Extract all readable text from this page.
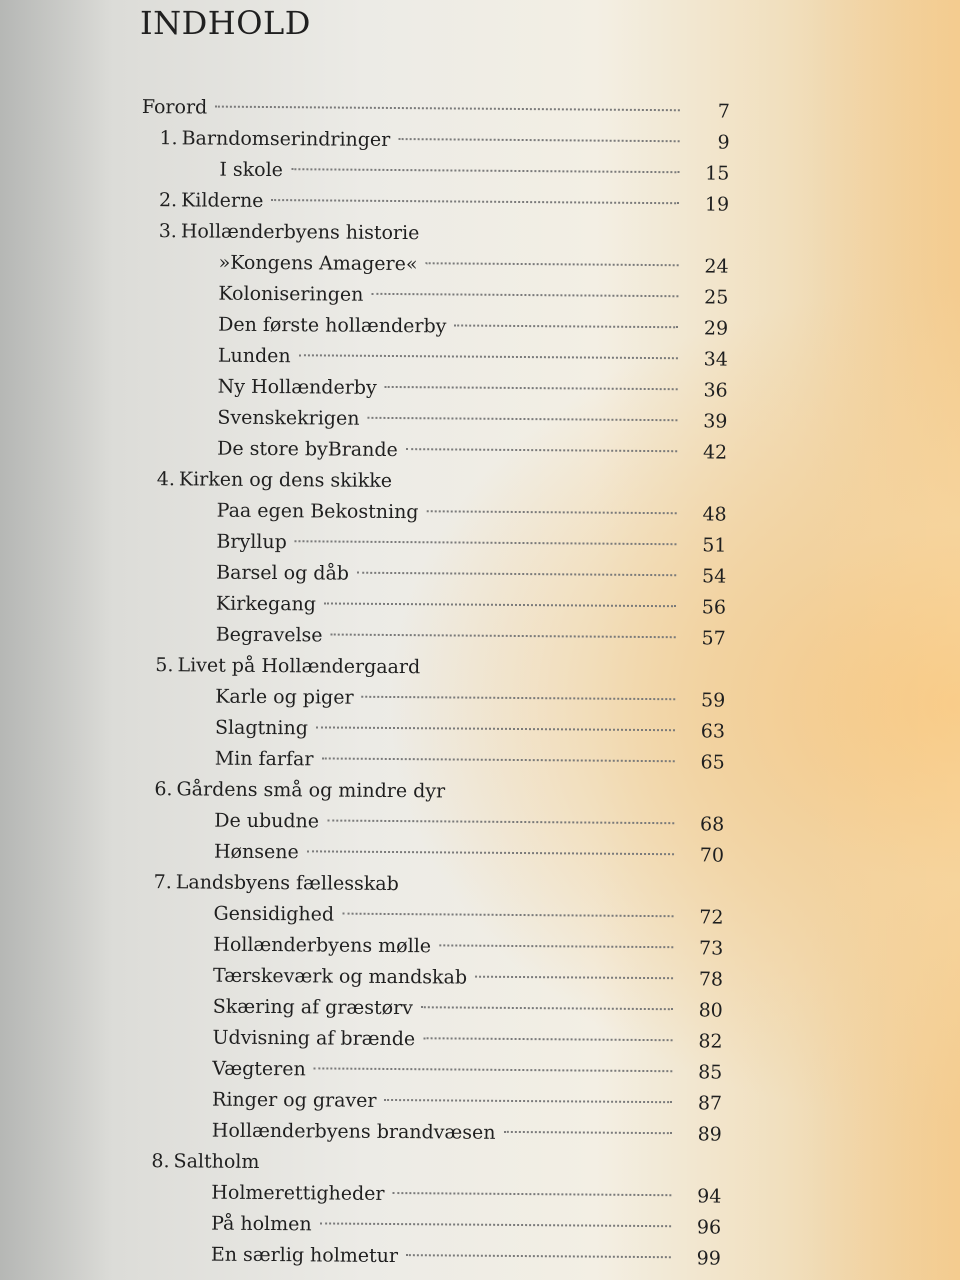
INDHOLD
Forord	7
1. Barndomserindringer	9
I skole	15
2. Kilderne	19
3. Hollænderbyens historie
»Kongens Amagere«	24
Koloniseringen	25
Den første hollænderby	29
Lunden	34
Ny Hollænderby	36
Svenskekrigen	39
De store byBrande	42
4. Kirken og dens skikke
Paa egen Bekostning	48
Bryllup	51
Barsel og dåb	54
Kirkegang	56
Begravelse	57
5. Livet på Hollændergaard
Karle og piger	59
Slagtning	63
Min farfar	65
6. Gårdens små og mindre dyr
De ubudne	68
Hønsene	70
7. Landsbyens fællesskab
Gensidighed	72
Hollænderbyens mølle	73
Tærskeværk og mandskab	78
Skæring af græstørv	80
Udvisning af brænde	82
Vægteren	85
Ringer og graver	87
Hollænderbyens brandvæsen	89
8. Saltholm
Holmerettigheder	94
På holmen	96
En særlig holmetur	99
